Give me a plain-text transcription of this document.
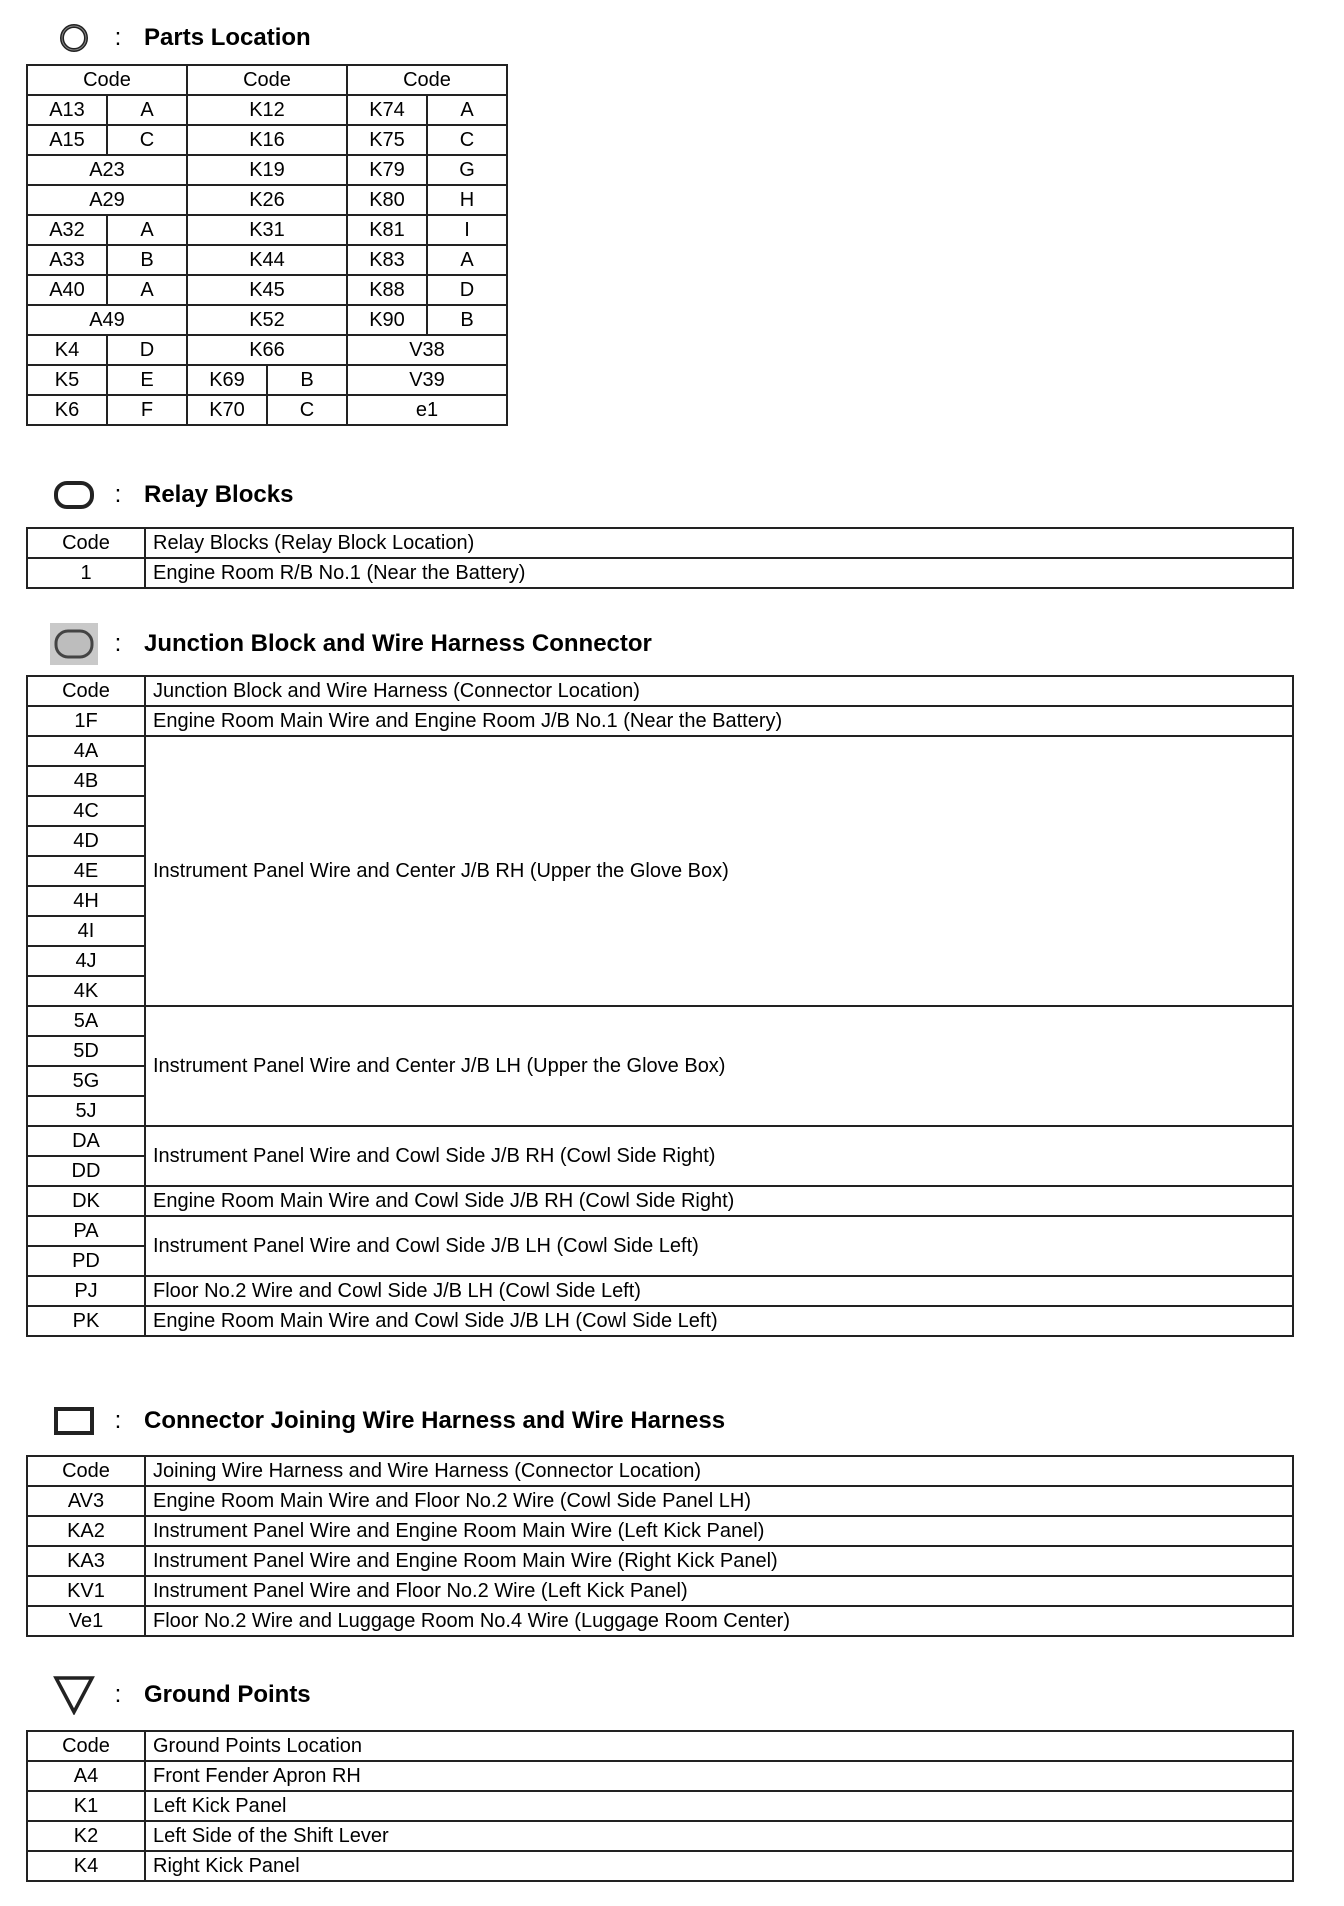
: Parts Location
Code		Code		Code	
A13	A	K12		K74	A
A15	C	K16		K75	C
A23		K19		K79	G
A29		K26		K80	H
A32	A	K31		K81	I
A33	B	K44		K83	A
A40	A	K45		K88	D
A49		K52		K90	B
K4	D	K66		V38	
K5	E	K69	B	V39	
K6	F	K70	C	e1	
: Relay Blocks
Code	Relay Blocks (Relay Block Location)
1	Engine Room R/B No.1 (Near the Battery)
: Junction Block and Wire Harness Connector
Code	Junction Block and Wire Harness (Connector Location)
1F	Engine Room Main Wire and Engine Room J/B No.1 (Near the Battery)
4A	Instrument Panel Wire and Center J/B RH (Upper the Glove Box)
4B	
4C	
4D	
4E	
4H	
4I	
4J	
4K	
5A	Instrument Panel Wire and Center J/B LH (Upper the Glove Box)
5D	
5G	
5J	
DA	Instrument Panel Wire and Cowl Side J/B RH (Cowl Side Right)
DD	
DK	Engine Room Main Wire and Cowl Side J/B RH (Cowl Side Right)
PA	Instrument Panel Wire and Cowl Side J/B LH (Cowl Side Left)
PD	
PJ	Floor No.2 Wire and Cowl Side J/B LH (Cowl Side Left)
PK	Engine Room Main Wire and Cowl Side J/B LH (Cowl Side Left)
: Connector Joining Wire Harness and Wire Harness
Code	Joining Wire Harness and Wire Harness (Connector Location)
AV3	Engine Room Main Wire and Floor No.2 Wire (Cowl Side Panel LH)
KA2	Instrument Panel Wire and Engine Room Main Wire (Left Kick Panel)
KA3	Instrument Panel Wire and Engine Room Main Wire (Right Kick Panel)
KV1	Instrument Panel Wire and Floor No.2 Wire (Left Kick Panel)
Ve1	Floor No.2 Wire and Luggage Room No.4 Wire (Luggage Room Center)
: Ground Points
Code	Ground Points Location
A4	Front Fender Apron RH
K1	Left Kick Panel
K2	Left Side of the Shift Lever
K4	Right Kick Panel
